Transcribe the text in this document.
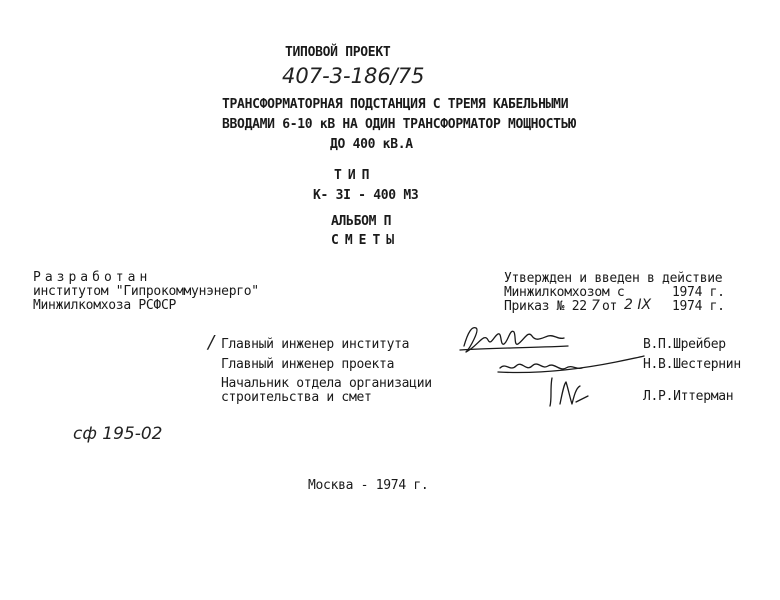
ТИПОВОЙ ПРОЕКТ
407-3-186/75
ТРАНСФОРМАТОРНАЯ ПОДСТАНЦИЯ С ТРЕМЯ КАБЕЛЬНЫМИ
ВВОДАМИ 6-10 кВ НА ОДИН ТРАНСФОРМАТОР МОЩНОСТЬЮ
ДО 400 кВ.А
ТИП
К- 3I - 400 МЗ
АЛЬБОМ П
СМЕТЫ
Разработан
институтом "Гипрокоммунэнерго"
Минжилкомхоза РСФСР
Утвержден и введен в действие
Минжилкомхозом с	1974 г.
Приказ № 22 7 от 2 IX 1974 г.
/ Главный инженер института	В.П.Шрейбер
Главный инженер проекта	Н.В.Шестернин
Начальник отдела организации
строительства и смет	Л.Р.Иттерман
сф 195-02
Москва - 1974 г.
